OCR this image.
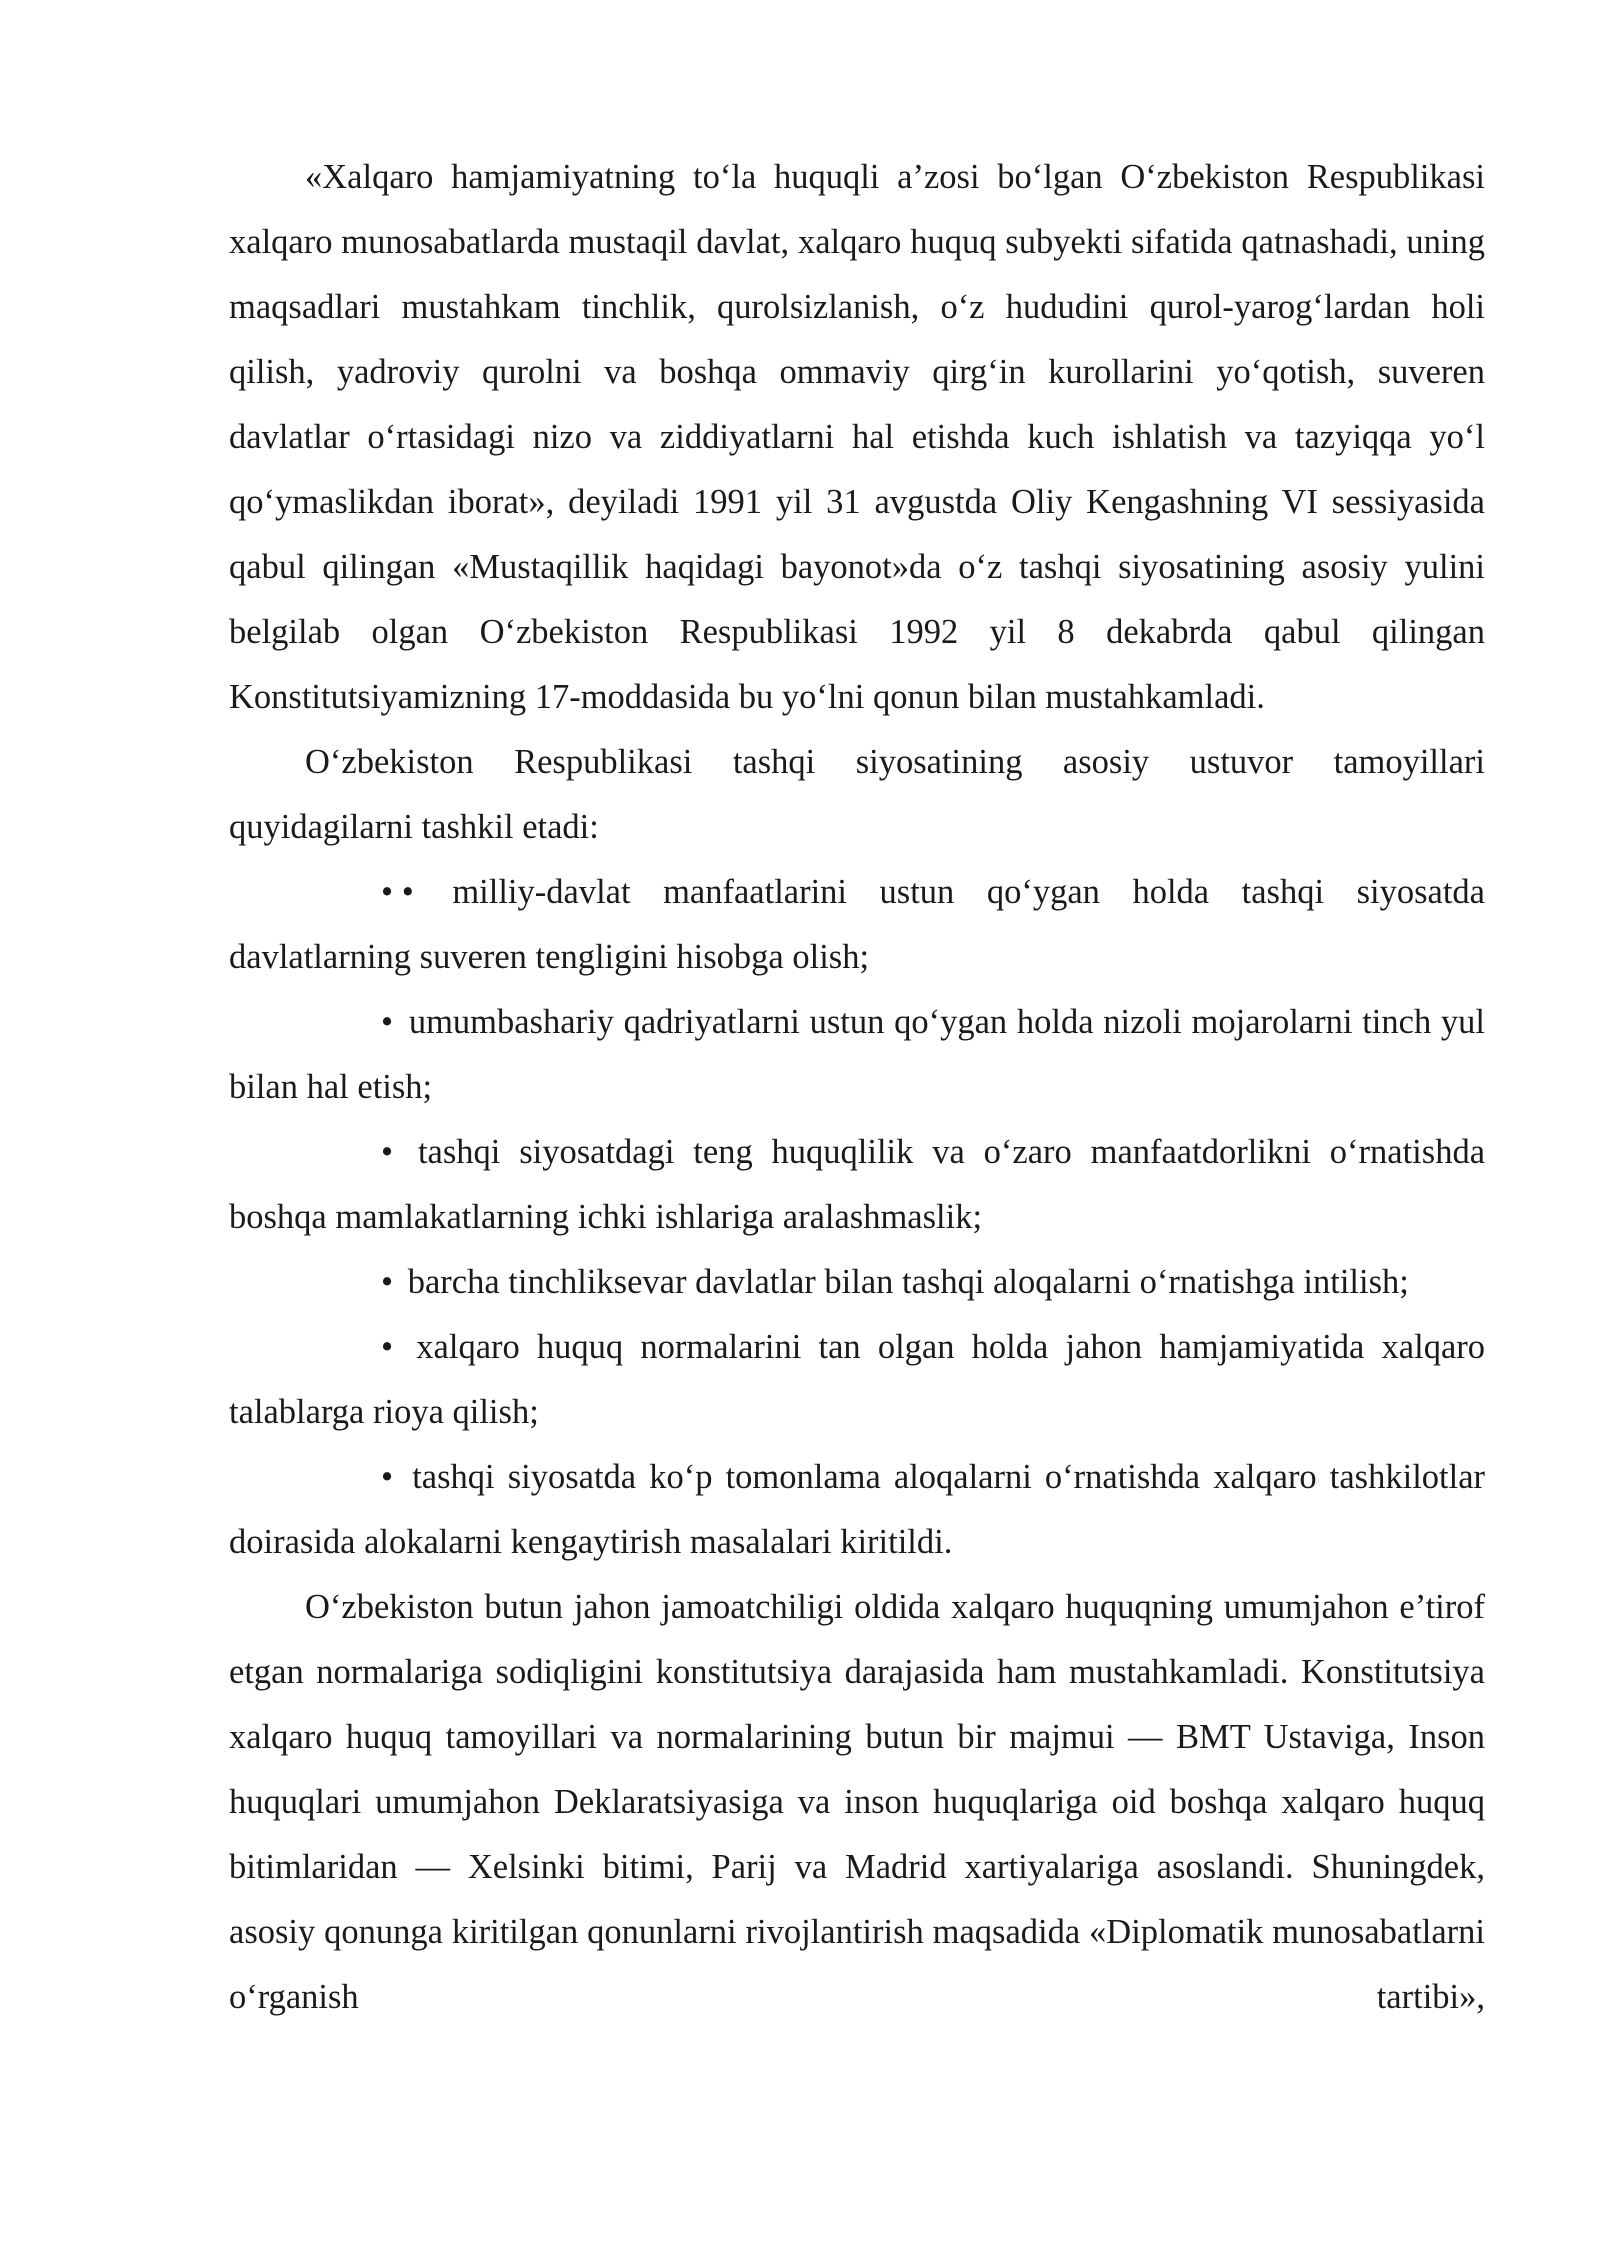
«Xalqaro hamjamiyatning to‘la huquqli a’zosi bo‘lgan O‘zbekiston Respublikasi xalqaro munosabatlarda mustaqil davlat, xalqaro huquq subyekti sifatida qatnashadi, uning maqsadlari mustahkam tinchlik, qurolsizlanish, o‘z hududini qurol-yarog‘lardan holi qilish, yadroviy qurolni va boshqa ommaviy qirg‘in kurollarini yo‘qotish, suveren davlatlar o‘rtasidagi nizo va ziddiyatlarni hal etishda kuch ishlatish va tazyiqqa yo‘l qo‘ymaslikdan iborat», deyiladi 1991 yil 31 avgustda Oliy Kengashning VI sessiyasida qabul qilingan «Mustaqillik haqidagi bayonot»da o‘z tashqi siyosatining asosiy yulini belgilab olgan O‘zbekiston Respublikasi 1992 yil 8 dekabrda qabul qilingan Konstitutsiyamizning 17-moddasida bu yo‘lni qonun bilan mustahkamladi.

O‘zbekiston Respublikasi tashqi siyosatining asosiy ustuvor tamoyillari quyidagilarni tashkil etadi:

• • milliy-davlat manfaatlarini ustun qo‘ygan holda tashqi siyosatda davlatlarning suveren tengligini hisobga olish;

• umumbashariy qadriyatlarni ustun qo‘ygan holda nizoli mojarolarni tinch yul bilan hal etish;

• tashqi siyosatdagi teng huquqlilik va o‘zaro manfaatdorlikni o‘rnatishda boshqa mamlakatlarning ichki ishlariga aralashmaslik;

• barcha tinchliksevar davlatlar bilan tashqi aloqalarni o‘rnatishga intilish;

• xalqaro huquq normalarini tan olgan holda jahon hamjamiyatida xalqaro talablarga rioya qilish;

• tashqi siyosatda ko‘p tomonlama aloqalarni o‘rnatishda xalqaro tashkilotlar doirasida alokalarni kengaytirish masalalari kiritildi.

O‘zbekiston butun jahon jamoatchiligi oldida xalqaro huquqning umumjahon e’tirof etgan normalariga sodiqligini konstitutsiya darajasida ham mustahkamladi. Konstitutsiya xalqaro huquq tamoyillari va normalarining butun bir majmui — BMT Ustaviga, Inson huquqlari umumjahon Deklaratsiyasiga va inson huquqlariga oid boshqa xalqaro huquq bitimlaridan — Xelsinki bitimi, Parij va Madrid xartiyalariga asoslandi. Shuningdek, asosiy qonunga kiritilgan qonunlarni rivojlantirish maqsadida «Diplomatik munosabatlarni o‘rganish tartibi»,
